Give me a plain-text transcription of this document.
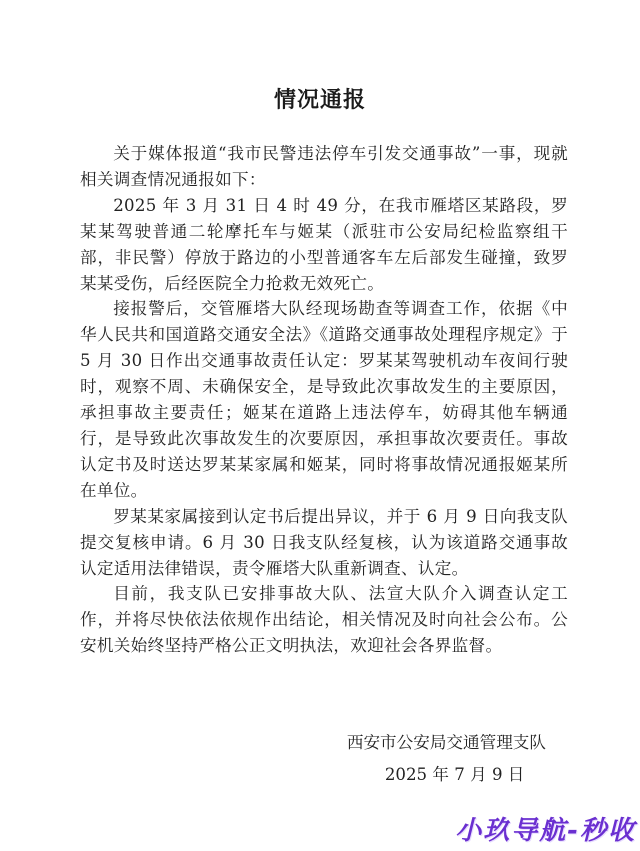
情况通报

关于媒体报道“我市民警违法停车引发交通事故”一事，现就相关调查情况通报如下：

2025 年 3 月 31 日 4 时 49 分，在我市雁塔区某路段，罗某某驾驶普通二轮摩托车与姬某（派驻市公安局纪检监察组干部，非民警）停放于路边的小型普通客车左后部发生碰撞，致罗某某受伤，后经医院全力抢救无效死亡。

接报警后，交管雁塔大队经现场勘查等调查工作，依据《中华人民共和国道路交通安全法》《道路交通事故处理程序规定》于 5 月 30 日作出交通事故责任认定：罗某某驾驶机动车夜间行驶时，观察不周、未确保安全，是导致此次事故发生的主要原因，承担事故主要责任；姬某在道路上违法停车，妨碍其他车辆通行，是导致此次事故发生的次要原因，承担事故次要责任。事故认定书及时送达罗某某家属和姬某，同时将事故情况通报姬某所在单位。

罗某某家属接到认定书后提出异议，并于 6 月 9 日向我支队提交复核申请。6 月 30 日我支队经复核，认为该道路交通事故认定适用法律错误，责令雁塔大队重新调查、认定。

目前，我支队已安排事故大队、法宣大队介入调查认定工作，并将尽快依法依规作出结论，相关情况及时向社会公布。公安机关始终坚持严格公正文明执法，欢迎社会各界监督。

西安市公安局交通管理支队
2025 年 7 月 9 日
小玖导航-秒收
